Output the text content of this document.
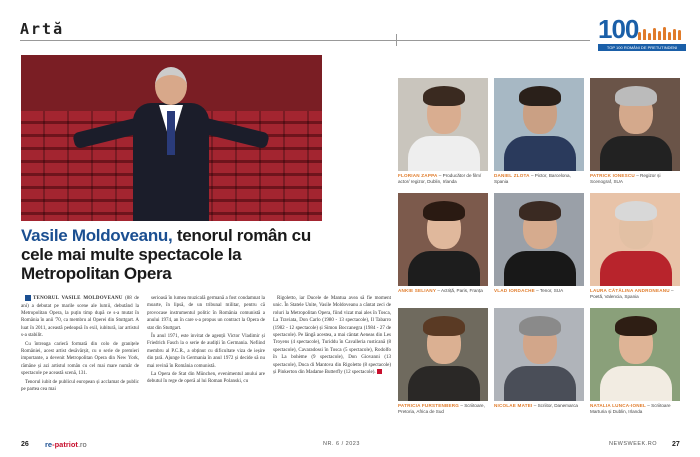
Artă	100
TOP 100 ROMÂNI DE PRETUTINDENI
Vasile Moldoveanu, tenorul român cu cele mai multe spectacole la Metropolitan Opera

TENORUL VASILE MOLDOVEANU (88 de ani) a debutat pe marile scene ale lumii, debutând la Metropolitan Opera, la puțin timp după ce s-a mutat în România în anii '70, ca membru al Operei din Stuttgart. A luat în 2011, această pedeapsă în exil, iubitură, iar artistul s-a stabilit.

Cu întreaga carieră formată din colo de granițele României, acest artist desăvârșit, cu o serie de premieri importante, a devenit Metropolitan Opera din New York, rămâne și azi artistul român cu cel mai mare număr de spectacole pe această scenă, 131.

Tenorul iubit de publicul european și acclamat de public pe partea cea mai

serioasă în lumea muzicală germană a fost condamnat la moarte, în lipsă, de un tribunal militar, pentru că provocase instrumentul politic în România comunistă a anului 1974, an în care s-a propus un contract la Opera de stat din Stuttgart.

În anul 1971, este invitat de agenții Victor Vladimir și Friedrich Fasch la o serie de audiții în Germania. Nefiind membru al P.C.R., a obținut cu dificultate viza de ieșire din țară. Ajunge în Germania în anul 1972 și decide să nu mai revină în România comunistă.

La Opera de Stat din München, evenimentul anului are debutul în rege de operă al lui Roman Polanski, cu

Rigoletto, iar Ducele de Mantua avea să fie moment unic. În Statele Unite, Vasile Moldoveanu a cântat zeci de roluri la Metropolitan Opera, fiind vizat mai ales în Tosca, La Traviata, Don Carlo (1980 - 13 spectacole), Il Tabarro (1982 - 12 spectacole) și Simon Boccanegra (1984 - 27 de spectacole). Pe lângă acestea, a mai cântat Aeneas din Les Troyens (4 spectacole), Turiddu în Cavalleria rusticană (8 spectacole), Cavaradossi în Tosca (5 spectacole), Rodolfo în La bohème (9 spectacole), Don Giovanni (13 spectacole), Duca di Mantova din Rigoletto (8 spectacole) și Pinkerton din Madame Butterfly (12 spectacole).

FLORIAN ZAPPA – Producător de film/ actor/ regizor, Dublin, Irlanda
DANIEL ZLOTA – Pictor, Barcelona, Spania
PATRICK IONESCU – Regizor și Scenograf, SUA
ANKIE SELIANY – Actriță, Paris, Franța	VLAD IORDACHE – Tenor, SUA	LAURA CĂTĂLINA ANDRONEANU – Poetă, Valencia, Spania
PATRICIA FURSTENBERG – Scriitoare, Pretoria, Africa de Sud
NICOLAE MATEI – Scriitor, Danemarca	NATALIA LUNCA-IONEL – Scriitoare Marturia și Dublin, Irlanda
26 re-patriot.ro	NR. 6 / 2023	NEWSWEEK.RO 27
